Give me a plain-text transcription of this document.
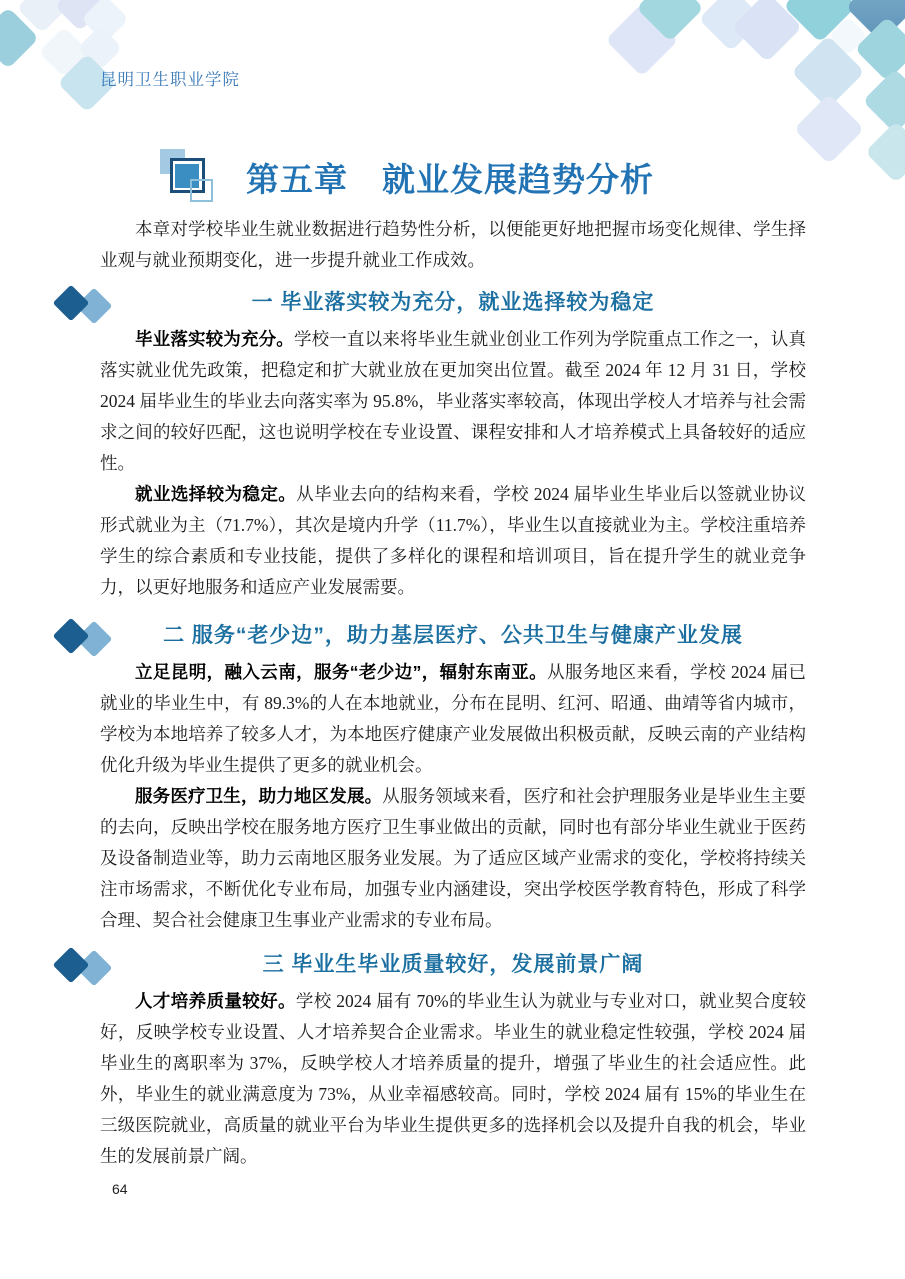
昆明卫生职业学院
第五章　就业发展趋势分析

本章对学校毕业生就业数据进行趋势性分析，以便能更好地把握市场变化规律、学生择业观与就业预期变化，进一步提升就业工作成效。

一 毕业落实较为充分，就业选择较为稳定

毕业落实较为充分。学校一直以来将毕业生就业创业工作列为学院重点工作之一，认真落实就业优先政策，把稳定和扩大就业放在更加突出位置。截至 2024 年 12 月 31 日，学校 2024 届毕业生的毕业去向落实率为 95.8%，毕业落实率较高，体现出学校人才培养与社会需求之间的较好匹配，这也说明学校在专业设置、课程安排和人才培养模式上具备较好的适应性。

就业选择较为稳定。从毕业去向的结构来看，学校 2024 届毕业生毕业后以签就业协议形式就业为主（71.7%），其次是境内升学（11.7%），毕业生以直接就业为主。学校注重培养学生的综合素质和专业技能，提供了多样化的课程和培训项目，旨在提升学生的就业竞争力，以更好地服务和适应产业发展需要。

二 服务“老少边”，助力基层医疗、公共卫生与健康产业发展

立足昆明，融入云南，服务“老少边”，辐射东南亚。从服务地区来看，学校 2024 届已就业的毕业生中，有 89.3%的人在本地就业，分布在昆明、红河、昭通、曲靖等省内城市，学校为本地培养了较多人才，为本地医疗健康产业发展做出积极贡献，反映云南的产业结构优化升级为毕业生提供了更多的就业机会。

服务医疗卫生，助力地区发展。从服务领域来看，医疗和社会护理服务业是毕业生主要的去向，反映出学校在服务地方医疗卫生事业做出的贡献，同时也有部分毕业生就业于医药及设备制造业等，助力云南地区服务业发展。为了适应区域产业需求的变化，学校将持续关注市场需求，不断优化专业布局，加强专业内涵建设，突出学校医学教育特色，形成了科学合理、契合社会健康卫生事业产业需求的专业布局。

三 毕业生毕业质量较好，发展前景广阔

人才培养质量较好。学校 2024 届有 70%的毕业生认为就业与专业对口，就业契合度较好，反映学校专业设置、人才培养契合企业需求。毕业生的就业稳定性较强，学校 2024 届毕业生的离职率为 37%，反映学校人才培养质量的提升，增强了毕业生的社会适应性。此外，毕业生的就业满意度为 73%，从业幸福感较高。同时，学校 2024 届有 15%的毕业生在三级医院就业，高质量的就业平台为毕业生提供更多的选择机会以及提升自我的机会，毕业生的发展前景广阔。

64
